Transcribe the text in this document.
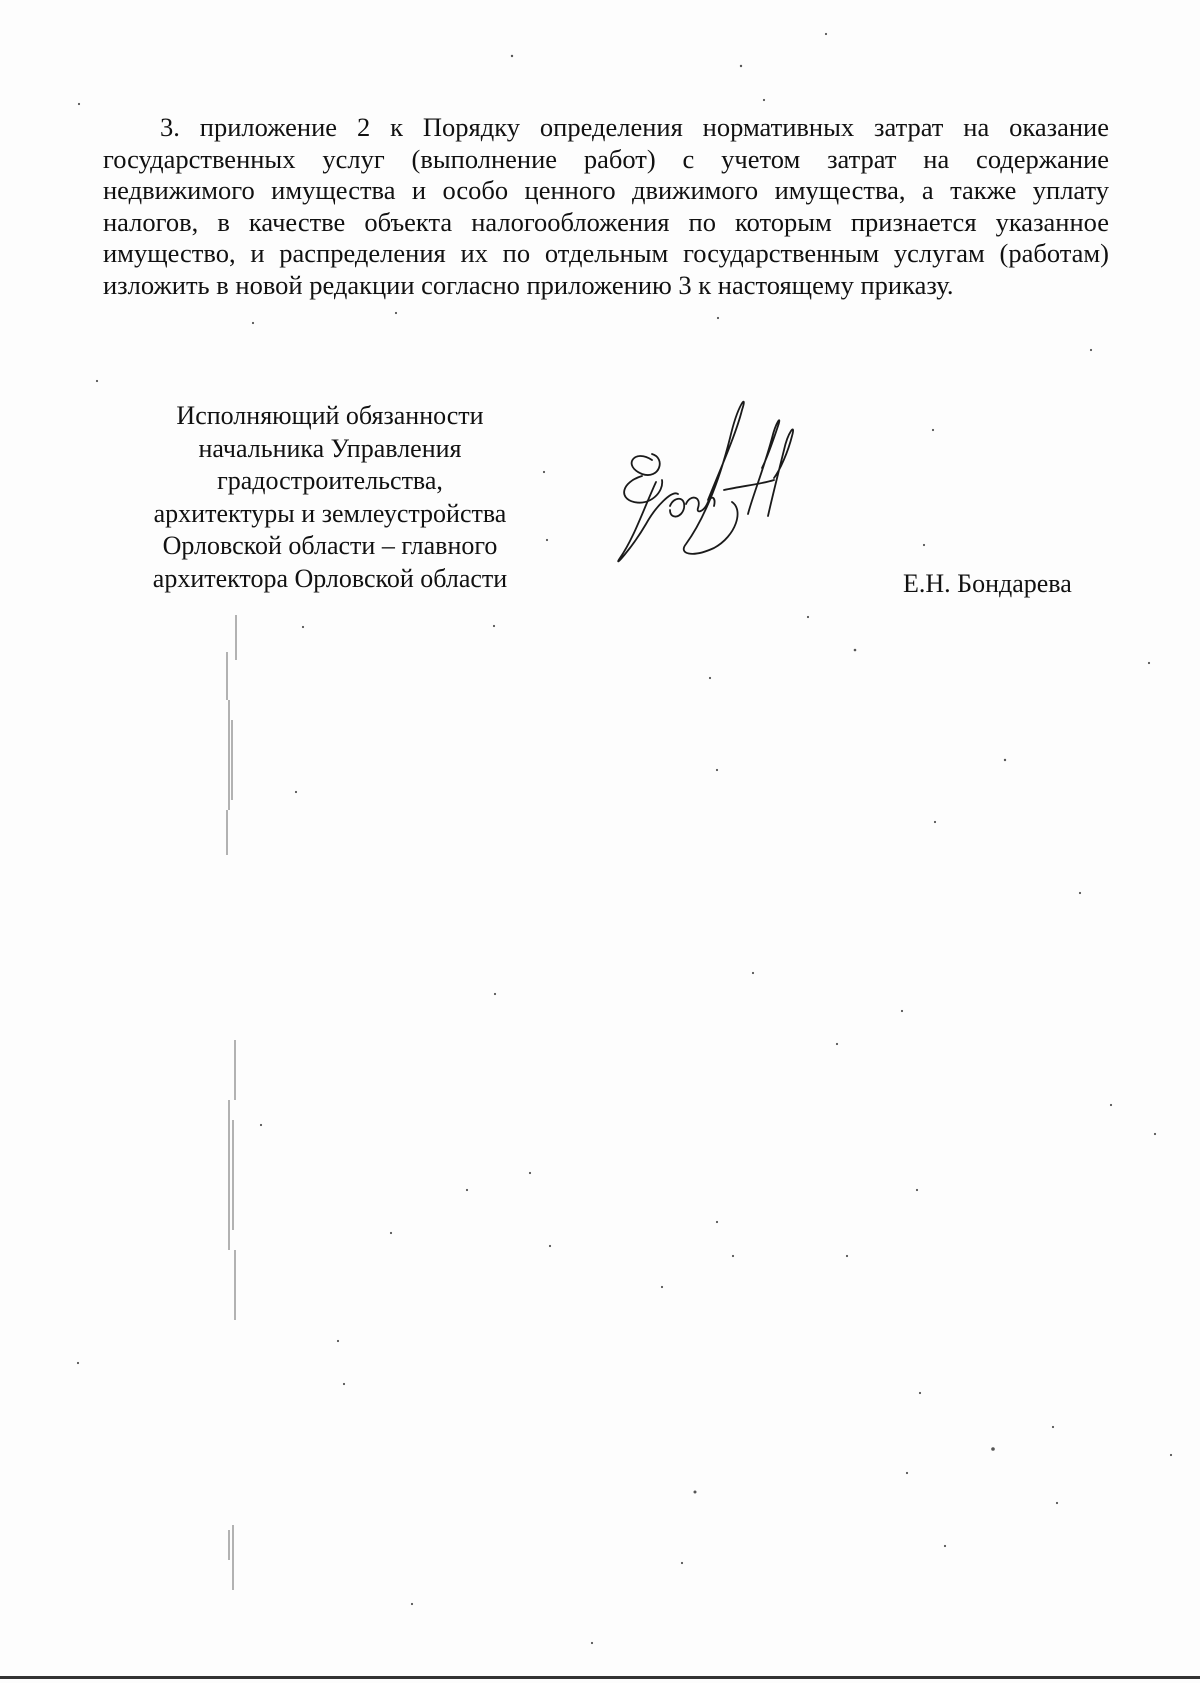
3. приложение 2 к Порядку определения нормативных затрат на оказание
государственных услуг (выполнение работ) с учетом затрат на содержание
недвижимого имущества и особо ценного движимого имущества, а также уплату
налогов, в качестве объекта налогообложения по которым признается указанное
имущество, и распределения их по отдельным государственным услугам (работам)
изложить в новой редакции согласно приложению 3 к настоящему приказу.
Исполняющий обязанности
начальника Управления
градостроительства,
архитектуры и землеустройства
Орловской области – главного
архитектора Орловской области	Е.Н. Бондарева
